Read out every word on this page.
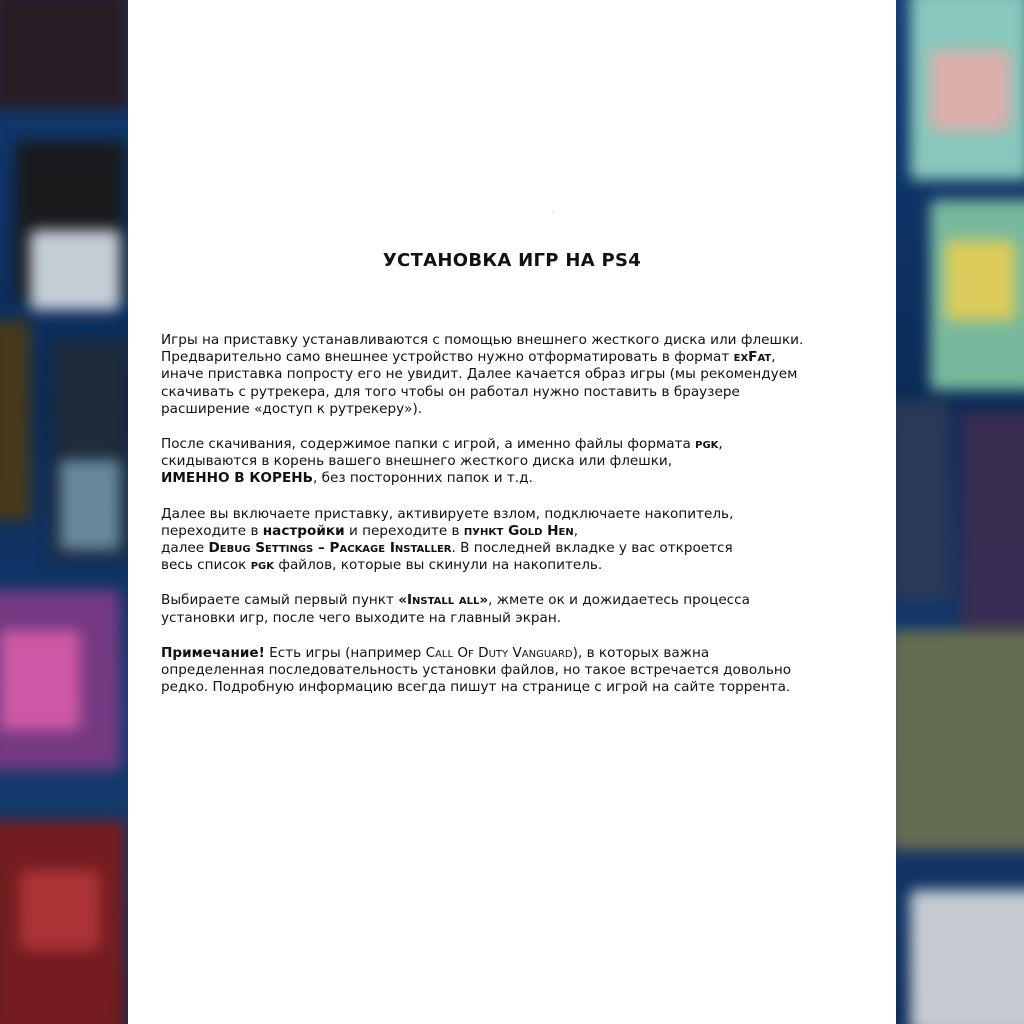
УСТАНОВКА ИГР НА PS4

Игры на приставку устанавливаются с помощью внешнего жесткого диска или флешки.
Предварительно само внешнее устройство нужно отформатировать в формат exFat,
иначе приставка попросту его не увидит. Далее качается образ игры (мы рекомендуем
скачивать с рутрекера, для того чтобы он работал нужно поставить в браузере
расширение «доступ к рутрекеру»).

После скачивания, содержимое папки с игрой, а именно файлы формата pgk,
скидываются в корень вашего внешнего жесткого диска или флешки,
ИМЕННО В КОРЕНЬ, без посторонних папок и т.д.

Далее вы включаете приставку, активируете взлом, подключаете накопитель,
переходите в настройки и переходите в пункт Gold Hen,
далее Debug Settings – Package Installer. В последней вкладке у вас откроется
весь список pgk файлов, которые вы скинули на накопитель.

Выбираете самый первый пункт «Install all», жмете ок и дожидаетесь процесса
установки игр, после чего выходите на главный экран.

Примечание! Есть игры (например Call Of Duty Vanguard), в которых важна
определенная последовательность установки файлов, но такое встречается довольно
редко. Подробную информацию всегда пишут на странице с игрой на сайте торрента.
